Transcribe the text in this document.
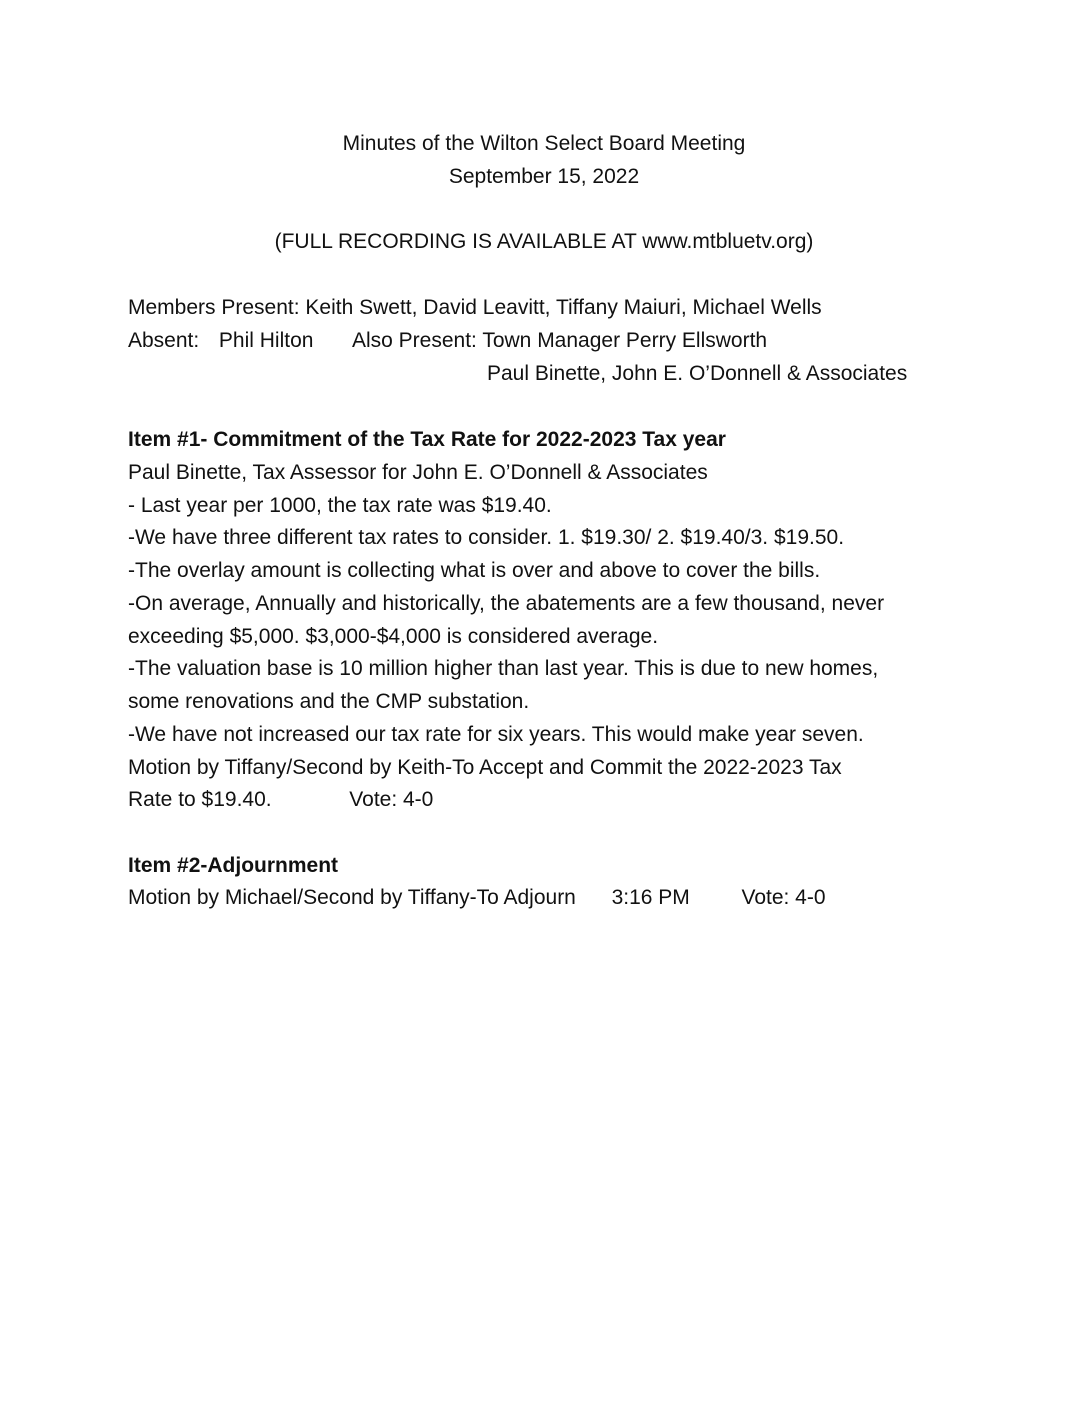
Minutes of the Wilton Select Board Meeting
September 15, 2022
(FULL RECORDING IS AVAILABLE AT www.mtbluetv.org)
Members Present: Keith Swett, David Leavitt, Tiffany Maiuri, Michael Wells
Absent: Phil Hilton Also Present: Town Manager Perry Ellsworth
Paul Binette, John E. O’Donnell & Associates
Item #1- Commitment of the Tax Rate for 2022-2023 Tax year
Paul Binette, Tax Assessor for John E. O’Donnell & Associates
- Last year per 1000, the tax rate was $19.40.
-We have three different tax rates to consider. 1. $19.30/ 2. $19.40/3. $19.50.
-The overlay amount is collecting what is over and above to cover the bills.
-On average, Annually and historically, the abatements are a few thousand, never
exceeding $5,000. $3,000-$4,000 is considered average.
-The valuation base is 10 million higher than last year. This is due to new homes,
some renovations and the CMP substation.
-We have not increased our tax rate for six years. This would make year seven.
Motion by Tiffany/Second by Keith-To Accept and Commit the 2022-2023 Tax
Rate to $19.40.	Vote: 4-0
Item #2-Adjournment
Motion by Michael/Second by Tiffany-To Adjourn 3:16 PM Vote: 4-0
